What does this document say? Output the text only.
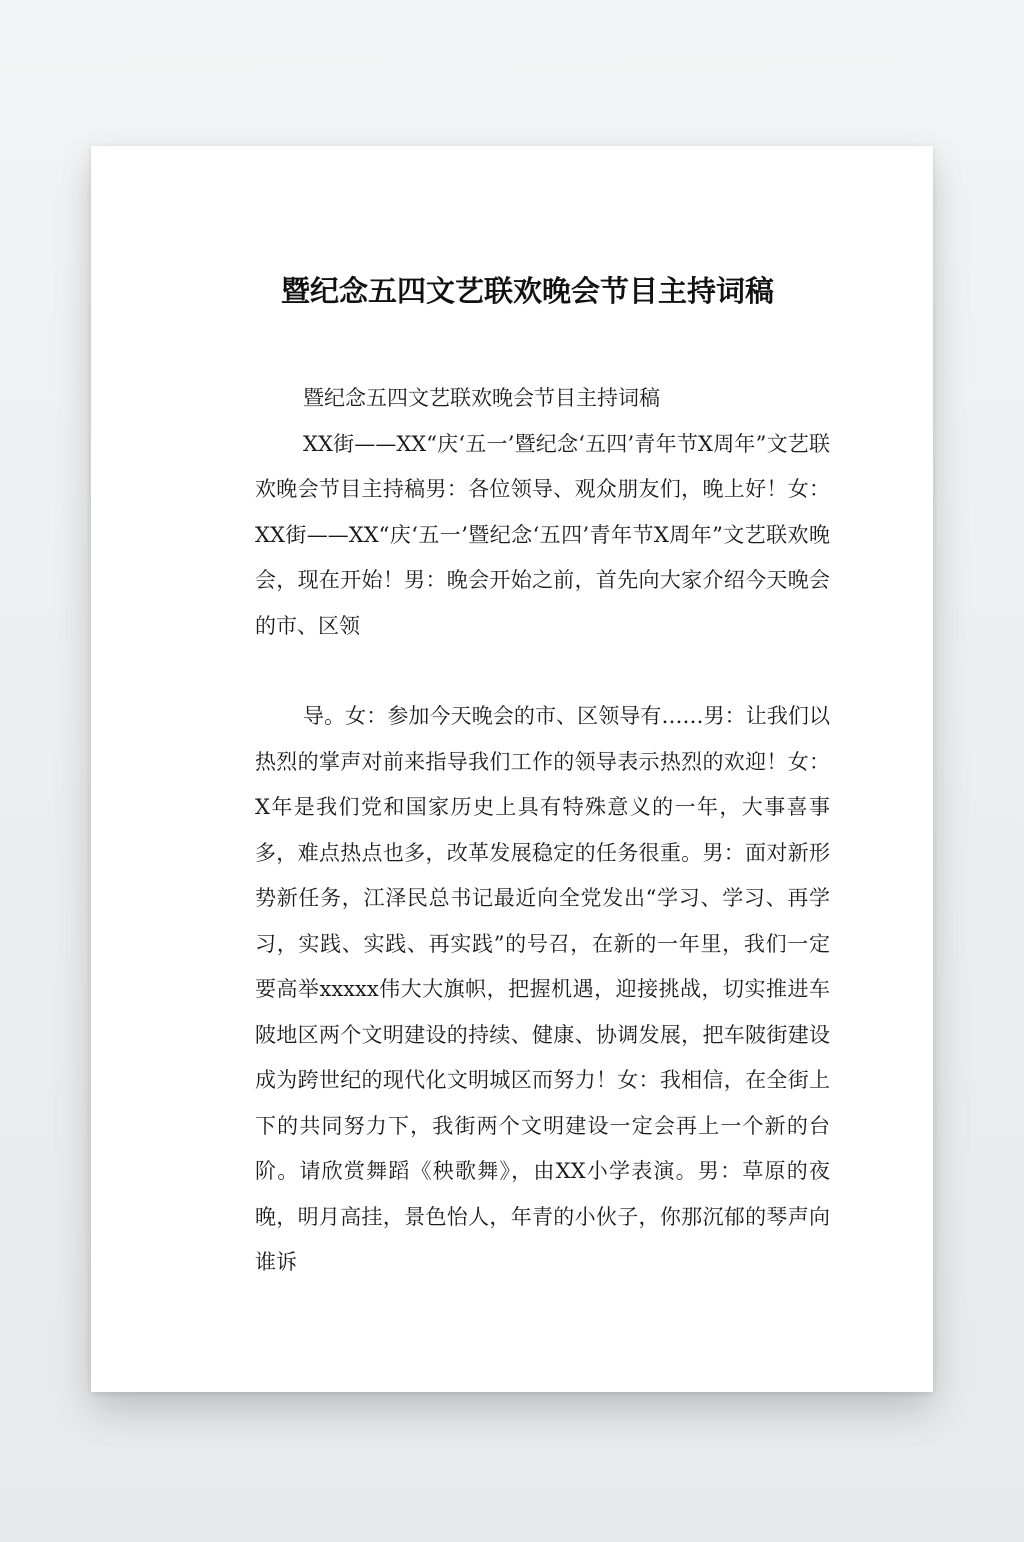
暨纪念五四文艺联欢晚会节目主持词稿
暨纪念五四文艺联欢晚会节目主持词稿
XX街——XX“庆‘五一’暨纪念‘五四’青年节X周年”文艺联欢晚会节目主持稿男：各位领导、观众朋友们，晚上好！女：XX街——XX“庆‘五一’暨纪念‘五四’青年节X周年”文艺联欢晚会，现在开始！男：晚会开始之前，首先向大家介绍今天晚会的市、区领

导。女：参加今天晚会的市、区领导有……男：让我们以热烈的掌声对前来指导我们工作的领导表示热烈的欢迎！女：X年是我们党和国家历史上具有特殊意义的一年，大事喜事多，难点热点也多，改革发展稳定的任务很重。男：面对新形势新任务，江泽民总书记最近向全党发出“学习、学习、再学习，实践、实践、再实践”的号召，在新的一年里，我们一定要高举xxxxx伟大大旗帜，把握机遇，迎接挑战，切实推进车陂地区两个文明建设的持续、健康、协调发展，把车陂街建设成为跨世纪的现代化文明城区而努力！女：我相信，在全街上下的共同努力下，我街两个文明建设一定会再上一个新的台阶。请欣赏舞蹈《秧歌舞》，由XX小学表演。男：草原的夜晚，明月高挂，景色怡人，年青的小伙子，你那沉郁的琴声向谁诉
